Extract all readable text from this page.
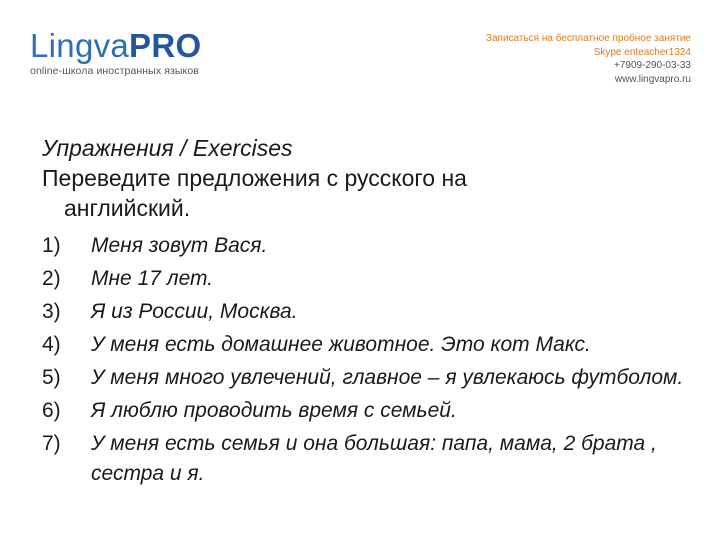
LingvaPRO
online-школа иностранных языков
Записаться на бесплатное пробное занятие
Skype enteacher1324
+7909-290-03-33
www.lingvapro.ru
Упражнения / Exercises

Переведите предложения с русского на
английский.

1)	Меня зовут Вася.
2)	Мне 17 лет.
3)	Я из России, Москва.
4)	У меня есть домашнее животное. Это кот Макс.
5)	У меня много увлечений, главное – я увлекаюсь футболом.
6)	Я люблю проводить время с семьей.
7)	У меня есть семья и она большая: папа, мама, 2 брата , сестра и я.
